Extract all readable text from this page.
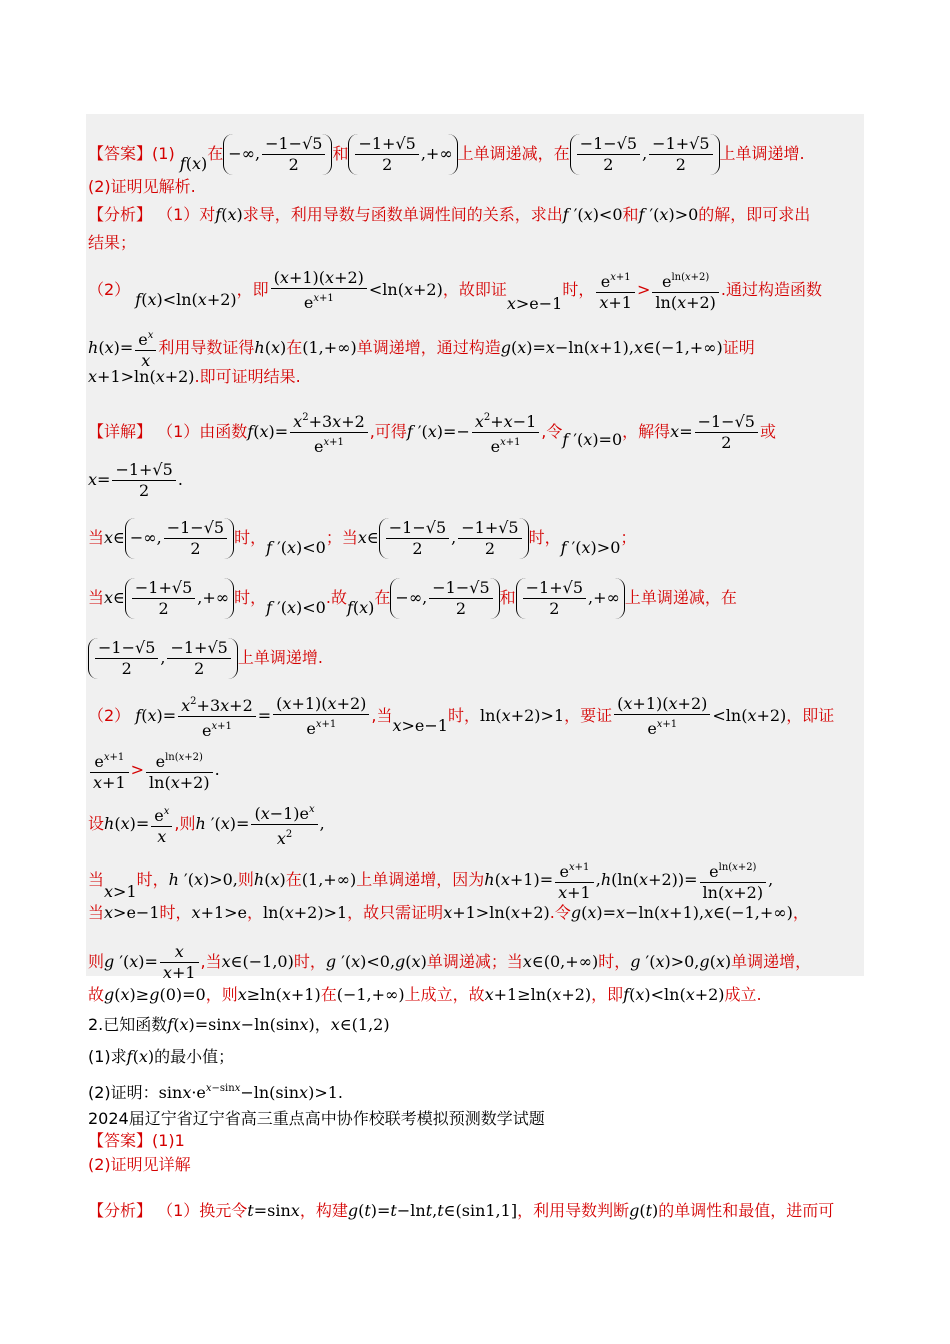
【答案】(1) f(x)在 −∞, $\frac{-1-√5}{2}$ 和 $\frac{-1+√5}{2}$ ,+∞ 上单调递减，在 $\frac{-1-√5}{2}$ , $\frac{-1+√5}{2}$ 上单调递增.
(2)证明见解析.
【分析】 （1）对f(x)求导，利用导数与函数单调性间的关系，求出f ′(x)<0和f ′(x)>0的解，即可求出
结果；
（2） f(x)<ln(x+2)，即 $\frac{(x+1)(x+2)}{e^{x+1}} <\ln(x+2)$，故即证x>e−1时， $\frac{e^{x+1}}{x+1} > \frac{e^{ln(x+2)}}{\ln(x+2)}$ .通过构造函数
$h(x)= \frac{e^x}{x}$ 利用导数证得h(x)在(1,+∞)单调递增，通过构造g(x)=x−ln(x+1),x∈(−1,+∞)证明
x+1>ln(x+2).即可证明结果.
【详解】 （1）由函数$f(x)= \frac{x^2+3x+2}{e^{x+1}}$ ,可得f $'(x)=- \frac{x^2+x-1}{e^{x+1}}$ ,令f ′(x)=0，解得$x= \frac{-1-√5}{2}$ 或
$x= \frac{-1+√5}{2}$ .
当x∈ −∞, $\frac{-1-√5}{2}$ 时，f ′(x)<0；当x∈ $\frac{-1-√5}{2}$ , $\frac{-1+√5}{2}$ 时，f ′(x)>0；
当x∈ $\frac{-1+√5}{2}$ ,+∞ 时，f ′(x)<0.故f(x)在 −∞, $\frac{-1-√5}{2}$ 和 $\frac{-1+√5}{2}$ ,+∞ 上单调递减，在
$\frac{-1-√5}{2}$ , $\frac{-1+√5}{2}$ 上单调递增.
（2） $f(x)= \frac{x^2+3x+2}{e^{x+1}} = \frac{(x+1)(x+2)}{e^{x+1}}$ ,当x>e−1时，ln(x+2)>1，要证 $\frac{(x+1)(x+2)}{e^{x+1}} <\ln(x+2)$，即证
$\frac{e^{x+1}}{x+1} > \frac{e^{ln(x+2)}}{\ln(x+2)}$ .
设$h(x)= \frac{e^x}{x}$ ,则h $'(x)= \frac{(x-1)e^x}{x^2}$ ,
当x>1时，h ′(x)>0,则h(x)在(1,+∞)上单调递增，因为$h(x+1)= \frac{e^{x+1}}{x+1} ,h(\ln(x+2))= \frac{e^{ln(x+2)}}{\ln(x+2)}$ ,
当x>e−1时，x+1>e，ln(x+2)>1，故只需证明x+1>ln(x+2).令g(x)=x−ln(x+1),x∈(−1,+∞)，
则g $'(x)= \frac{x}{x+1}$ ,当x∈(−1,0)时，g ′(x)<0,g(x)单调递减；当x∈(0,+∞)时，g ′(x)>0,g(x)单调递增，
故g(x)≥g(0)=0，则x≥ln(x+1)在(−1,+∞)上成立，故x+1≥ln(x+2)，即f(x)<ln(x+2)成立.
2.已知函数f(x)=sinx−ln(sinx)，x∈(1,2)
(1)求f(x)的最小值；
(2)证明：$\sin x\cdot e^{x-sinx}-\ln(\sin x)>1$.
2024届辽宁省辽宁省高三重点高中协作校联考模拟预测数学试题
【答案】(1)1
(2)证明见详解
【分析】 （1）换元令t=sinx，构建g(t)=t−lnt,t∈(sin1,1]，利用导数判断g(t)的单调性和最值，进而可
